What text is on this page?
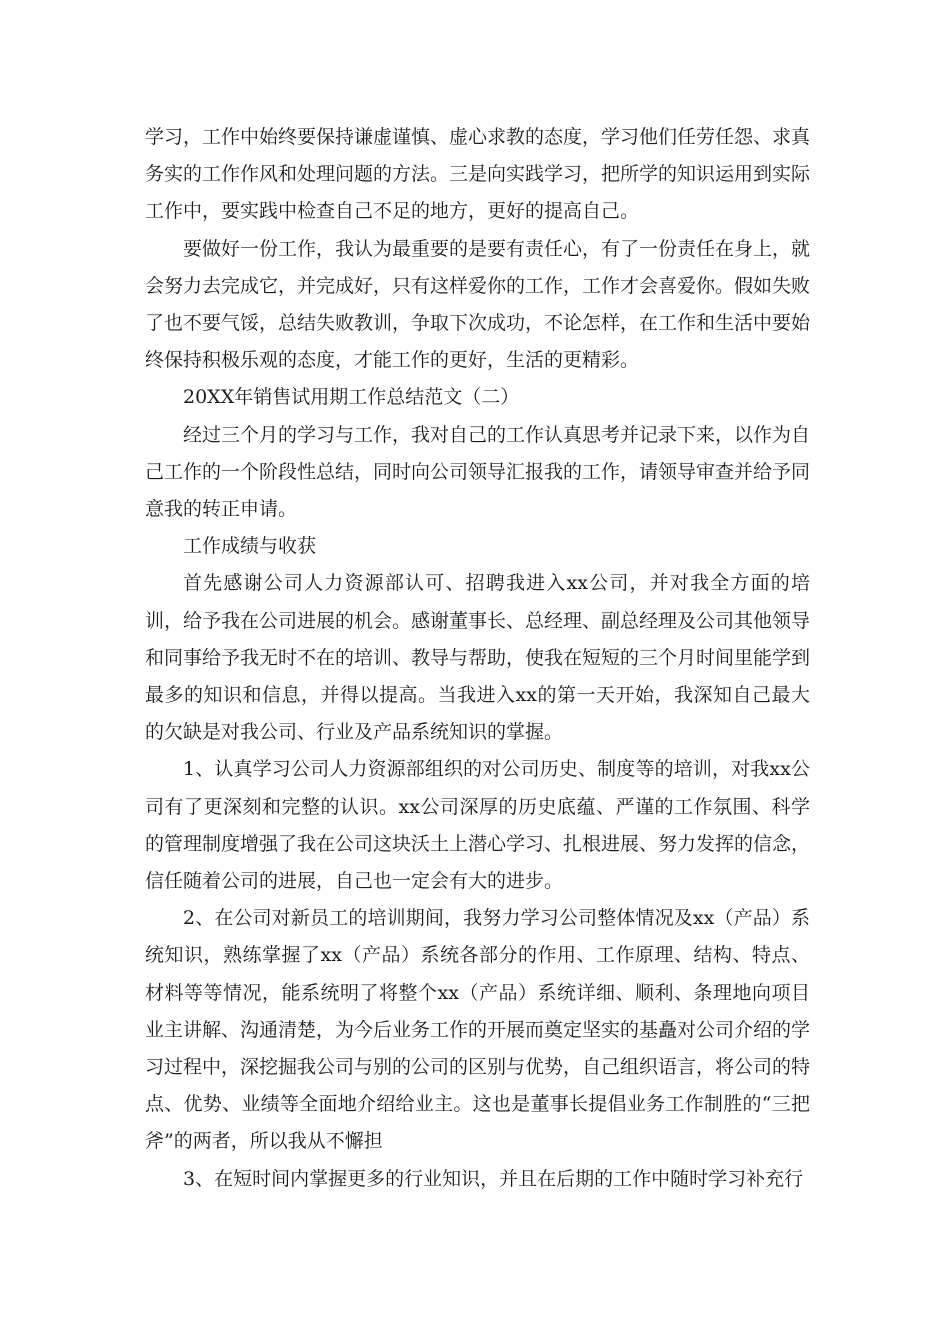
学习，工作中始终要保持谦虚谨慎、虚心求教的态度，学习他们任劳任怨、求真务实的工作作风和处理问题的方法。三是向实践学习，把所学的知识运用到实际工作中，要实践中检查自己不足的地方，更好的提高自己。

要做好一份工作，我认为最重要的是要有责任心，有了一份责任在身上，就会努力去完成它，并完成好，只有这样爱你的工作，工作才会喜爱你。假如失败了也不要气馁，总结失败教训，争取下次成功，不论怎样，在工作和生活中要始终保持积极乐观的态度，才能工作的更好，生活的更精彩。

20XX年销售试用期工作总结范文（二）

经过三个月的学习与工作，我对自己的工作认真思考并记录下来，以作为自己工作的一个阶段性总结，同时向公司领导汇报我的工作，请领导审查并给予同意我的转正申请。

工作成绩与收获

首先感谢公司人力资源部认可、招聘我进入xx公司，并对我全方面的培训，给予我在公司进展的机会。感谢董事长、总经理、副总经理及公司其他领导和同事给予我无时不在的培训、教导与帮助，使我在短短的三个月时间里能学到最多的知识和信息，并得以提高。当我进入xx的第一天开始，我深知自己最大的欠缺是对我公司、行业及产品系统知识的掌握。

1、认真学习公司人力资源部组织的对公司历史、制度等的培训，对我xx公司有了更深刻和完整的认识。xx公司深厚的历史底蕴、严谨的工作氛围、科学的管理制度增强了我在公司这块沃土上潜心学习、扎根进展、努力发挥的信念，信任随着公司的进展，自己也一定会有大的进步。

2、在公司对新员工的培训期间，我努力学习公司整体情况及xx（产品）系统知识，熟练掌握了xx（产品）系统各部分的作用、工作原理、结构、特点、材料等等情况，能系统明了将整个xx（产品）系统详细、顺利、条理地向项目业主讲解、沟通清楚，为今后业务工作的开展而奠定坚实的基矗对公司介绍的学习过程中，深挖掘我公司与别的公司的区别与优势，自己组织语言，将公司的特点、优势、业绩等全面地介绍给业主。这也是董事长提倡业务工作制胜的“三把斧”的两者，所以我从不懈担

3、在短时间内掌握更多的行业知识，并且在后期的工作中随时学习补充行
